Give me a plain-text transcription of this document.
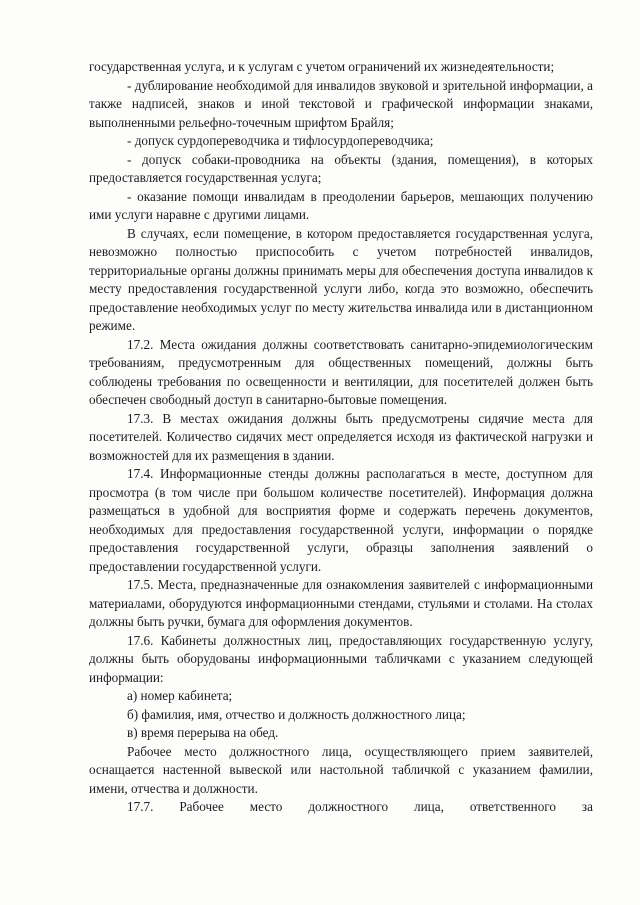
государственная услуга, и к услугам с учетом ограничений их жизнедеятельности;

- дублирование необходимой для инвалидов звуковой и зрительной информации, а также надписей, знаков и иной текстовой и графической информации знаками, выполненными рельефно-точечным шрифтом Брайля;

- допуск сурдопереводчика и тифлосурдопереводчика;

- допуск собаки-проводника на объекты (здания, помещения), в которых предоставляется государственная услуга;

- оказание помощи инвалидам в преодолении барьеров, мешающих получению ими услуги наравне с другими лицами.

В случаях, если помещение, в котором предоставляется государственная услуга, невозможно полностью приспособить с учетом потребностей инвалидов, территориальные органы должны принимать меры для обеспечения доступа инвалидов к месту предоставления государственной услуги либо, когда это возможно, обеспечить предоставление необходимых услуг по месту жительства инвалида или в дистанционном режиме.

17.2. Места ожидания должны соответствовать санитарно-эпидемиологическим требованиям, предусмотренным для общественных помещений, должны быть соблюдены требования по освещенности и вентиляции, для посетителей должен быть обеспечен свободный доступ в санитарно-бытовые помещения.

17.3. В местах ожидания должны быть предусмотрены сидячие места для посетителей. Количество сидячих мест определяется исходя из фактической нагрузки и возможностей для их размещения в здании.

17.4. Информационные стенды должны располагаться в месте, доступном для просмотра (в том числе при большом количестве посетителей). Информация должна размещаться в удобной для восприятия форме и содержать перечень документов, необходимых для предоставления государственной услуги, информации о порядке предоставления государственной услуги, образцы заполнения заявлений о предоставлении государственной услуги.

17.5. Места, предназначенные для ознакомления заявителей с информационными материалами, оборудуются информационными стендами, стульями и столами. На столах должны быть ручки, бумага для оформления документов.

17.6. Кабинеты должностных лиц, предоставляющих государственную услугу, должны быть оборудованы информационными табличками с указанием следующей информации:

а) номер кабинета;

б) фамилия, имя, отчество и должность должностного лица;

в) время перерыва на обед.

Рабочее место должностного лица, осуществляющего прием заявителей, оснащается настенной вывеской или настольной табличкой с указанием фамилии, имени, отчества и должности.

17.7. Рабочее место должностного лица, ответственного за
